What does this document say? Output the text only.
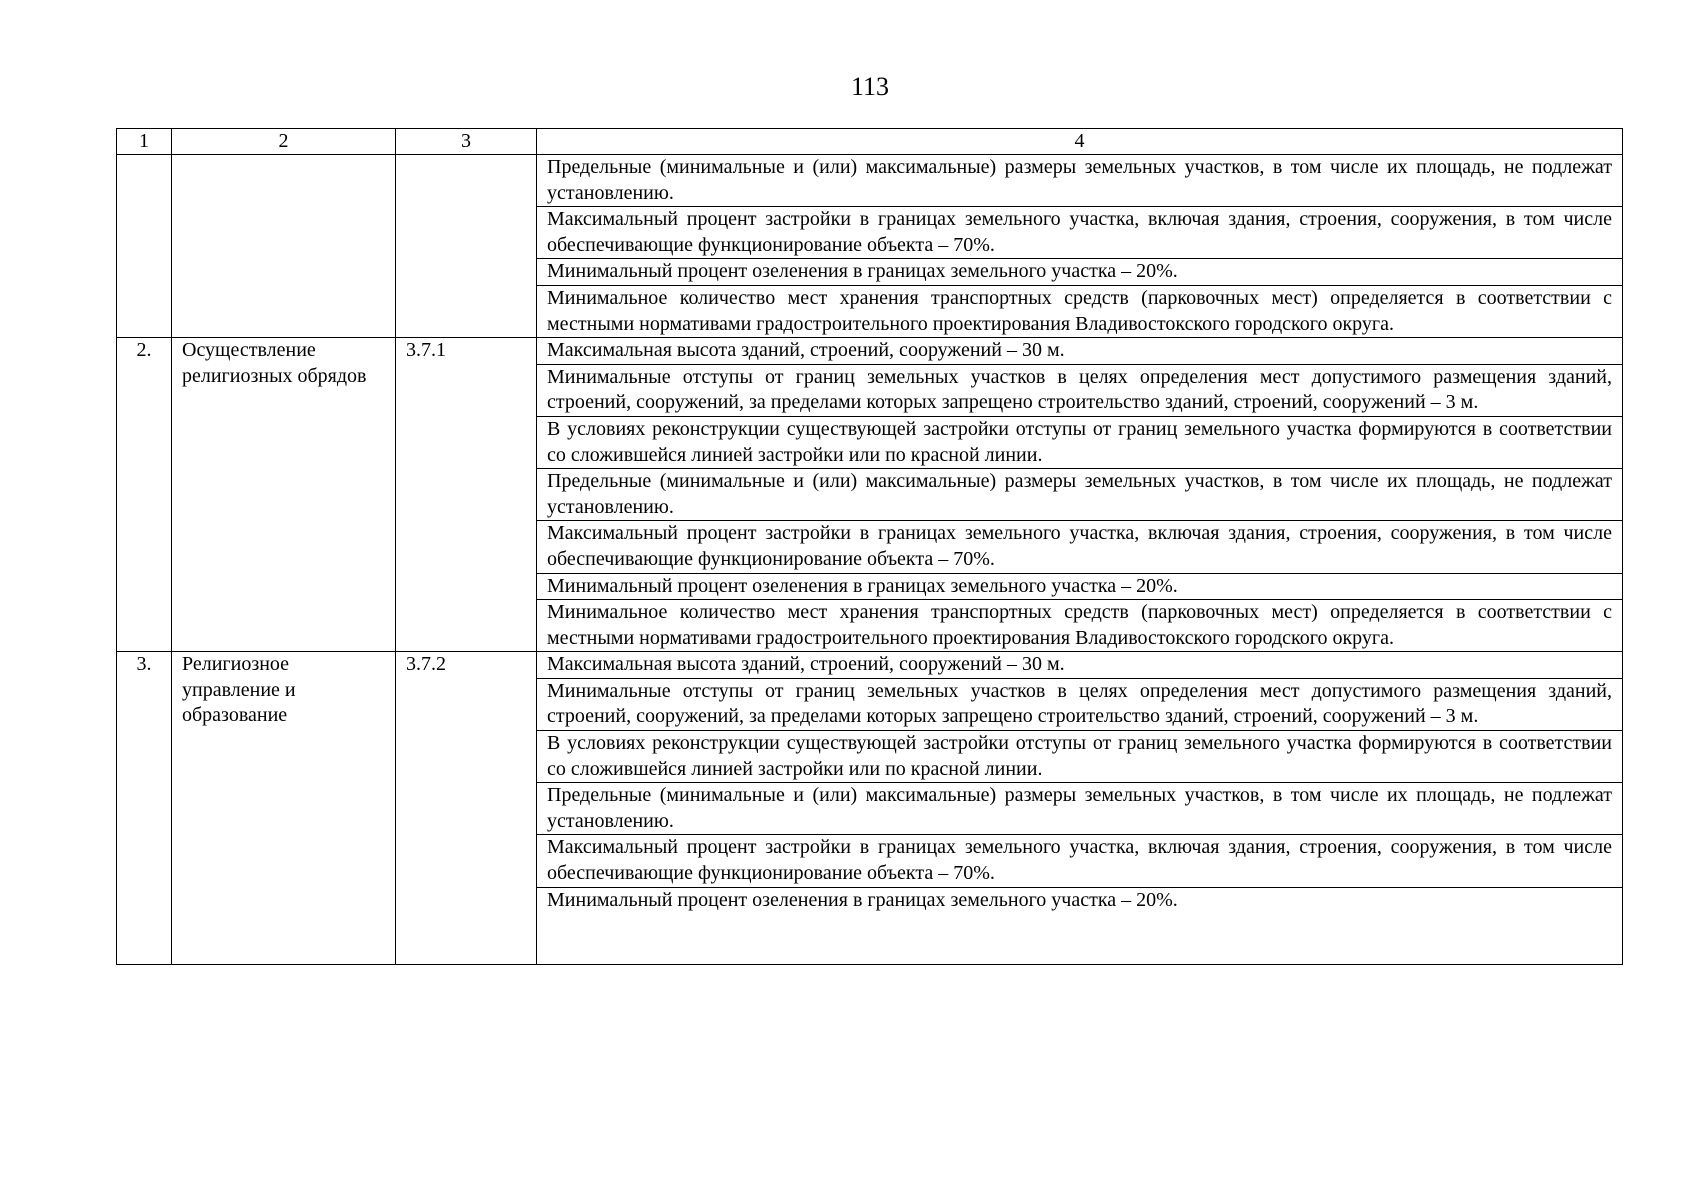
113
1	2	3	4
			Предельные (минимальные и (или) максимальные) размеры земельных участков, в том числе их площадь, не подлежат установлению.
			Максимальный процент застройки в границах земельного участка, включая здания, строения, сооружения, в том числе обеспечивающие функционирование объекта – 70%.
			Минимальный процент озеленения в границах земельного участка – 20%.
			Минимальное количество мест хранения транспортных средств (парковочных мест) определяется в соответствии с местными нормативами градостроительного проектирования Владивостокского городского округа.
2.	Осуществление религиозных обрядов	3.7.1	Максимальная высота зданий, строений, сооружений – 30 м.
			Минимальные отступы от границ земельных участков в целях определения мест допустимого размещения зданий, строений, сооружений, за пределами которых запрещено строительство зданий, строений, сооружений – 3 м.
			В условиях реконструкции существующей застройки отступы от границ земельного участка формируются в соответствии со сложившейся линией застройки или по красной линии.
			Предельные (минимальные и (или) максимальные) размеры земельных участков, в том числе их площадь, не подлежат установлению.
			Максимальный процент застройки в границах земельного участка, включая здания, строения, сооружения, в том числе обеспечивающие функционирование объекта – 70%.
			Минимальный процент озеленения в границах земельного участка – 20%.
			Минимальное количество мест хранения транспортных средств (парковочных мест) определяется в соответствии с местными нормативами градостроительного проектирования Владивостокского городского округа.
3.	Религиозное управление и образование	3.7.2	Максимальная высота зданий, строений, сооружений – 30 м.
			Минимальные отступы от границ земельных участков в целях определения мест допустимого размещения зданий, строений, сооружений, за пределами которых запрещено строительство зданий, строений, сооружений – 3 м.
			В условиях реконструкции существующей застройки отступы от границ земельного участка формируются в соответствии со сложившейся линией застройки или по красной линии.
			Предельные (минимальные и (или) максимальные) размеры земельных участков, в том числе их площадь, не подлежат установлению.
			Максимальный процент застройки в границах земельного участка, включая здания, строения, сооружения, в том числе обеспечивающие функционирование объекта – 70%.

			Минимальный процент озеленения в границах земельного участка – 20%.
